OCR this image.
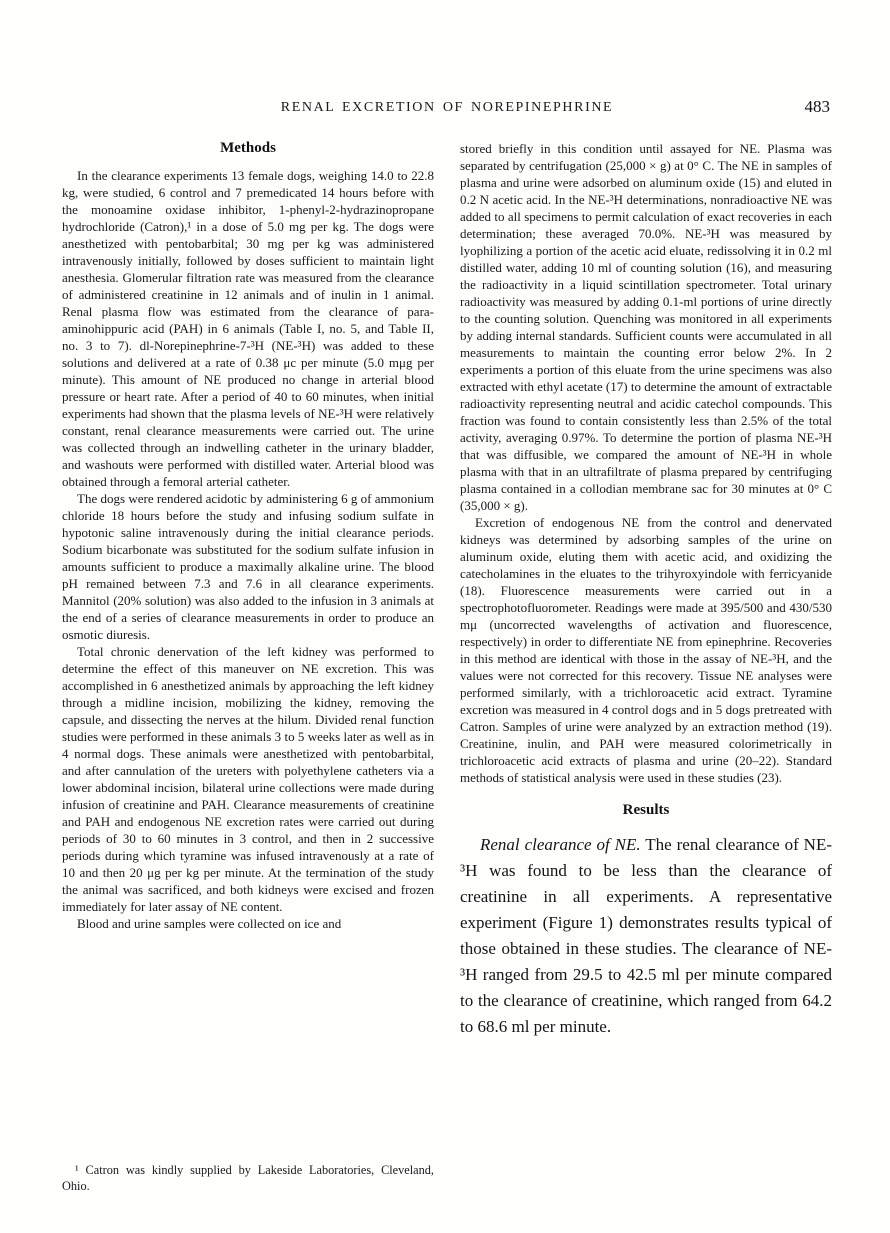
RENAL EXCRETION OF NOREPINEPHRINE	483
Methods

In the clearance experiments 13 female dogs, weighing 14.0 to 22.8 kg, were studied, 6 control and 7 premedicated 14 hours before with the monoamine oxidase inhibitor, 1-phenyl-2-hydrazinopropane hydrochloride (Catron),¹ in a dose of 5.0 mg per kg. The dogs were anesthetized with pentobarbital; 30 mg per kg was administered intravenously initially, followed by doses sufficient to maintain light anesthesia. Glomerular filtration rate was measured from the clearance of administered creatinine in 12 animals and of inulin in 1 animal. Renal plasma flow was estimated from the clearance of para-aminohippuric acid (PAH) in 6 animals (Table I, no. 5, and Table II, no. 3 to 7). dl-Norepinephrine-7-³H (NE-³H) was added to these solutions and delivered at a rate of 0.38 μc per minute (5.0 mμg per minute). This amount of NE produced no change in arterial blood pressure or heart rate. After a period of 40 to 60 minutes, when initial experiments had shown that the plasma levels of NE-³H were relatively constant, renal clearance measurements were carried out. The urine was collected through an indwelling catheter in the urinary bladder, and washouts were performed with distilled water. Arterial blood was obtained through a femoral arterial catheter.

The dogs were rendered acidotic by administering 6 g of ammonium chloride 18 hours before the study and infusing sodium sulfate in hypotonic saline intravenously during the initial clearance periods. Sodium bicarbonate was substituted for the sodium sulfate infusion in amounts sufficient to produce a maximally alkaline urine. The blood pH remained between 7.3 and 7.6 in all clearance experiments. Mannitol (20% solution) was also added to the infusion in 3 animals at the end of a series of clearance measurements in order to produce an osmotic diuresis.

Total chronic denervation of the left kidney was performed to determine the effect of this maneuver on NE excretion. This was accomplished in 6 anesthetized animals by approaching the left kidney through a midline incision, mobilizing the kidney, removing the capsule, and dissecting the nerves at the hilum. Divided renal function studies were performed in these animals 3 to 5 weeks later as well as in 4 normal dogs. These animals were anesthetized with pentobarbital, and after cannulation of the ureters with polyethylene catheters via a lower abdominal incision, bilateral urine collections were made during infusion of creatinine and PAH. Clearance measurements of creatinine and PAH and endogenous NE excretion rates were carried out during periods of 30 to 60 minutes in 3 control, and then in 2 successive periods during which tyramine was infused intravenously at a rate of 10 and then 20 μg per kg per minute. At the termination of the study the animal was sacrificed, and both kidneys were excised and frozen immediately for later assay of NE content.

Blood and urine samples were collected on ice and

¹ Catron was kindly supplied by Lakeside Laboratories, Cleveland, Ohio.

stored briefly in this condition until assayed for NE. Plasma was separated by centrifugation (25,000 × g) at 0° C. The NE in samples of plasma and urine were adsorbed on aluminum oxide (15) and eluted in 0.2 N acetic acid. In the NE-³H determinations, nonradioactive NE was added to all specimens to permit calculation of exact recoveries in each determination; these averaged 70.0%. NE-³H was measured by lyophilizing a portion of the acetic acid eluate, redissolving it in 0.2 ml distilled water, adding 10 ml of counting solution (16), and measuring the radioactivity in a liquid scintillation spectrometer. Total urinary radioactivity was measured by adding 0.1-ml portions of urine directly to the counting solution. Quenching was monitored in all experiments by adding internal standards. Sufficient counts were accumulated in all measurements to maintain the counting error below 2%. In 2 experiments a portion of this eluate from the urine specimens was also extracted with ethyl acetate (17) to determine the amount of extractable radioactivity representing neutral and acidic catechol compounds. This fraction was found to contain consistently less than 2.5% of the total activity, averaging 0.97%. To determine the portion of plasma NE-³H that was diffusible, we compared the amount of NE-³H in whole plasma with that in an ultrafiltrate of plasma prepared by centrifuging plasma contained in a collodian membrane sac for 30 minutes at 0° C (35,000 × g).

Excretion of endogenous NE from the control and denervated kidneys was determined by adsorbing samples of the urine on aluminum oxide, eluting them with acetic acid, and oxidizing the catecholamines in the eluates to the trihyroxyindole with ferricyanide (18). Fluorescence measurements were carried out in a spectrophotofluorometer. Readings were made at 395/500 and 430/530 mμ (uncorrected wavelengths of activation and fluorescence, respectively) in order to differentiate NE from epinephrine. Recoveries in this method are identical with those in the assay of NE-³H, and the values were not corrected for this recovery. Tissue NE analyses were performed similarly, with a trichloroacetic acid extract. Tyramine excretion was measured in 4 control dogs and in 5 dogs pretreated with Catron. Samples of urine were analyzed by an extraction method (19). Creatinine, inulin, and PAH were measured colorimetrically in trichloroacetic acid extracts of plasma and urine (20–22). Standard methods of statistical analysis were used in these studies (23).

Results

Renal clearance of NE. The renal clearance of NE-³H was found to be less than the clearance of creatinine in all experiments. A representative experiment (Figure 1) demonstrates results typical of those obtained in these studies. The clearance of NE-³H ranged from 29.5 to 42.5 ml per minute compared to the clearance of creatinine, which ranged from 64.2 to 68.6 ml per minute.
